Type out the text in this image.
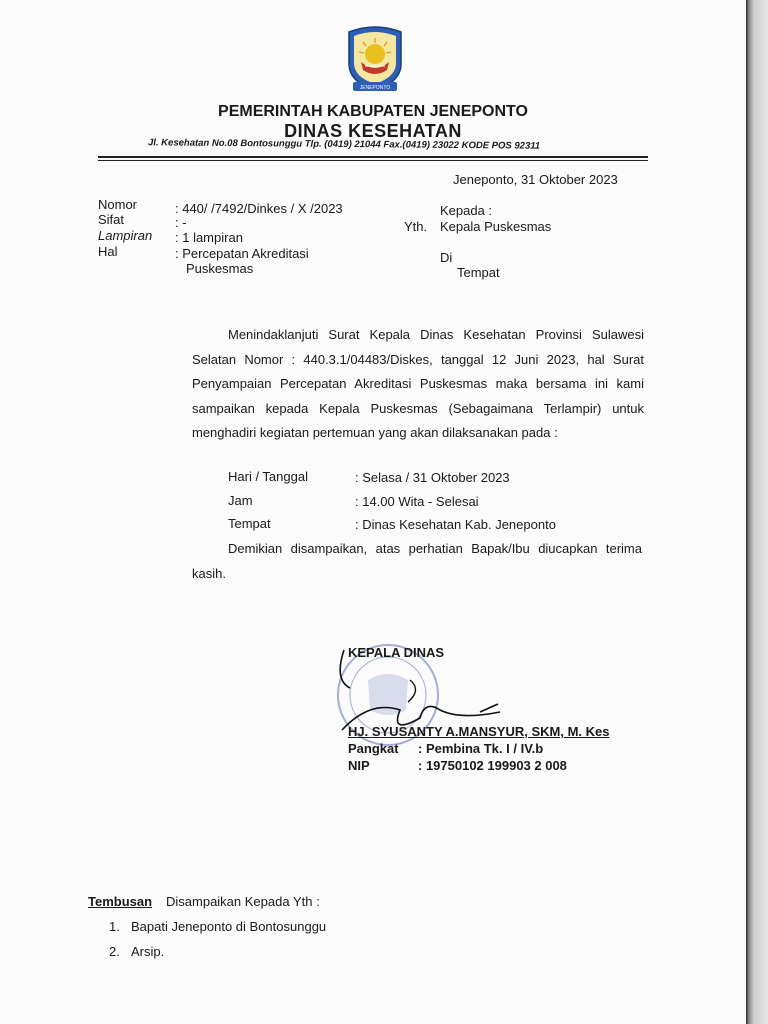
JENEPONTO
PEMERINTAH KABUPATEN JENEPONTO
DINAS KESEHATAN
Jl. Kesehatan No.08 Bontosunggu Tlp. (0419) 21044 Fax.(0419) 23022 KODE POS 92311
Jeneponto, 31 Oktober 2023
Nomor	: 440/ /7492/Dinkes / X /2023
Sifat	: -
Lampiran : 1 lampiran
Hal	: Percepatan Akreditasi
Puskesmas
Kepada :
Yth. Kepala Puskesmas
Di
Tempat
Menindaklanjuti Surat Kepala Dinas Kesehatan Provinsi Sulawesi Selatan Nomor : 440.3.1/04483/Diskes, tanggal 12 Juni 2023, hal Surat Penyampaian Percepatan Akreditasi Puskesmas maka bersama ini kami sampaikan kepada Kepala Puskesmas (Sebagaimana Terlampir) untuk menghadiri kegiatan pertemuan yang akan dilaksanakan pada :
Hari / Tanggal	: Selasa / 31 Oktober 2023
Jam	: 14.00 Wita - Selesai
Tempat	: Dinas Kesehatan Kab. Jeneponto
Demikian disampaikan, atas perhatian Bapak/Ibu diucapkan terima kasih.
KEPALA DINAS
HJ. SYUSANTY A.MANSYUR, SKM, M. Kes
Pangkat : Pembina Tk. I / IV.b
NIP	: 19750102 199903 2 008
Tembusan Disampaikan Kepada Yth :
1. Bapati Jeneponto di Bontosunggu
2. Arsip.
